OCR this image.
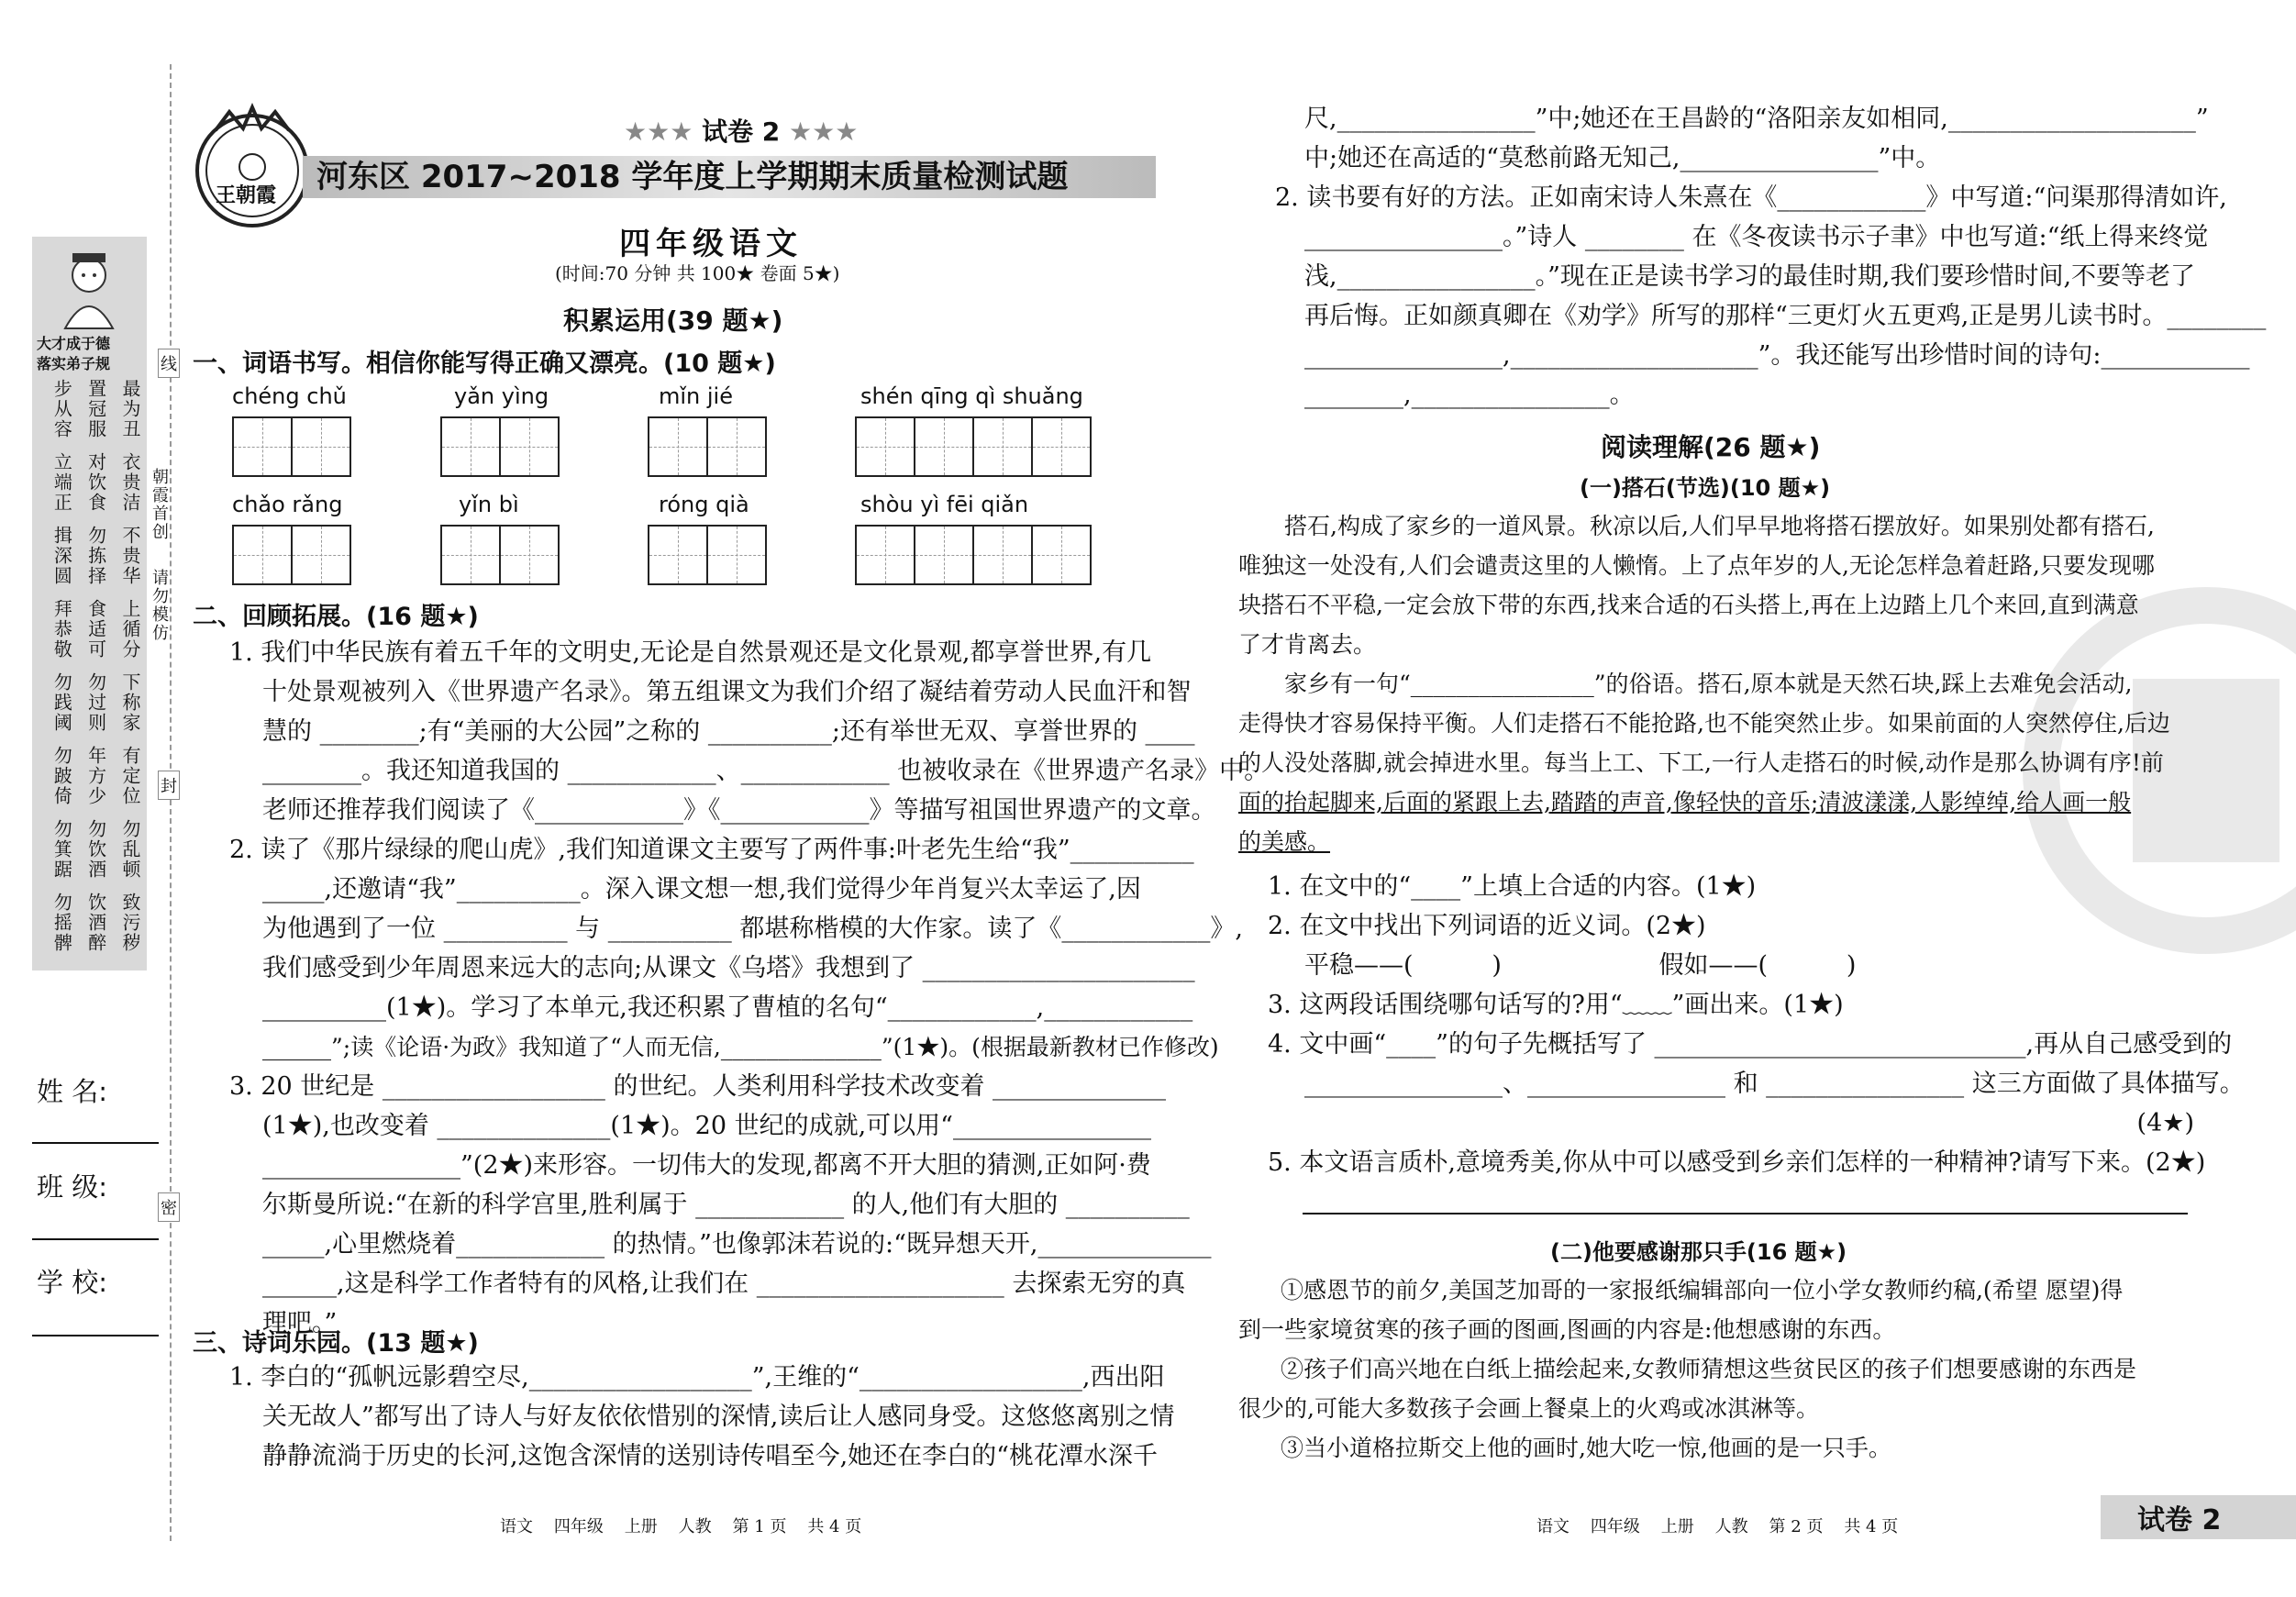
大才成于德
落实弟子规
步从容 置冠服 最为丑
立端正 对饮食 衣贵洁
揖深圆 勿拣择 不贵华
拜恭敬 食适可 上循分
勿践阈 勿过则 下称家
勿跛倚 年方少 有定位
勿箕踞 勿饮酒 勿乱顿
勿摇髀 饮酒醉 致污秽
朝霞首创
请勿模仿
线
封
密
姓 名:
班 级:
学 校:
王朝霞
★★★ 试卷 2 ★★★
河东区 2017~2018 学年度上学期期末质量检测试题
四年级语文
(时间:70 分钟 共 100★ 卷面 5★)
积累运用(39 题★)
一、词语书写。相信你能写得正确又漂亮。(10 题★)
chéng chǔ	yǎn yìng	mǐn jié	shén qīng qì shuǎng
chǎo rǎng	yǐn bì	róng qià	shòu yì fēi qiǎn
二、回顾拓展。(16 题★)
1. 我们中华民族有着五千年的文明史,无论是自然景观还是文化景观,都享誉世界,有几
十处景观被列入《世界遗产名录》。第五组课文为我们介绍了凝结着劳动人民血汗和智
慧的 ________;有“美丽的大公园”之称的 __________;还有举世无双、享誉世界的 ____
________。我还知道我国的 ____________、____________ 也被收录在《世界遗产名录》中。
老师还推荐我们阅读了《____________》《____________》等描写祖国世界遗产的文章。
2. 读了《那片绿绿的爬山虎》,我们知道课文主要写了两件事:叶老先生给“我”__________
_____,还邀请“我”__________。深入课文想一想,我们觉得少年肖复兴太幸运了,因
为他遇到了一位 __________ 与 __________ 都堪称楷模的大作家。读了《____________》,
我们感受到少年周恩来远大的志向;从课文《乌塔》我想到了 ______________________
__________(1★)。学习了本单元,我还积累了曹植的名句“____________,____________
______”;读《论语·为政》我知道了“人而无信,______________”(1★)。(根据最新教材已作修改)
3. 20 世纪是 __________________ 的世纪。人类利用科学技术改变着 ______________
(1★),也改变着 ______________(1★)。20 世纪的成就,可以用“________________
________________”(2★)来形容。一切伟大的发现,都离不开大胆的猜测,正如阿·费
尔斯曼所说:“在新的科学宫里,胜利属于 ____________ 的人,他们有大胆的 __________
_____,心里燃烧着____________ 的热情。”也像郭沫若说的:“既异想天开,______________
______,这是科学工作者特有的风格,让我们在 ____________________ 去探索无穷的真
理吧。”
三、诗词乐园。(13 题★)
1. 李白的“孤帆远影碧空尽,__________________”,王维的“__________________,西出阳
关无故人”都写出了诗人与好友依依惜别的深情,读后让人感同身受。这悠悠离别之情
静静流淌于历史的长河,这饱含深情的送别诗传唱至今,她还在李白的“桃花潭水深千
语文    四年级    上册    人教    第 1 页    共 4 页
尺,________________”中;她还在王昌龄的“洛阳亲友如相同,____________________”
中;她还在高适的“莫愁前路无知己,________________”中。
2. 读书要有好的方法。正如南宋诗人朱熹在《____________》中写道:“问渠那得清如许,
________________。”诗人 ________ 在《冬夜读书示子聿》中也写道:“纸上得来终觉
浅,________________。”现在正是读书学习的最佳时期,我们要珍惜时间,不要等老了
再后悔。正如颜真卿在《劝学》所写的那样“三更灯火五更鸡,正是男儿读书时。________
________________,____________________”。我还能写出珍惜时间的诗句:____________
________,________________。
阅读理解(26 题★)
(一)搭石(节选)(10 题★)
搭石,构成了家乡的一道风景。秋凉以后,人们早早地将搭石摆放好。如果别处都有搭石,
唯独这一处没有,人们会谴责这里的人懒惰。上了点年岁的人,无论怎样急着赶路,只要发现哪
块搭石不平稳,一定会放下带的东西,找来合适的石头搭上,再在上边踏上几个来回,直到满意
了才肯离去。
家乡有一句“________________”的俗语。搭石,原本就是天然石块,踩上去难免会活动,
走得快才容易保持平衡。人们走搭石不能抢路,也不能突然止步。如果前面的人突然停住,后边
的人没处落脚,就会掉进水里。每当上工、下工,一行人走搭石的时候,动作是那么协调有序!前
面的抬起脚来,后面的紧跟上去,踏踏的声音,像轻快的音乐;清波漾漾,人影绰绰,给人画一般
的美感。
1. 在文中的“____”上填上合适的内容。(1★)
2. 在文中找出下列词语的近义词。(2★)
平稳——(          )                    假如——(          )
3. 这两段话围绕哪句话写的?用“﹏﹏”画出来。(1★)
4. 文中画“____”的句子先概括写了 ______________________________,再从自己感受到的
________________、________________ 和 ________________ 这三方面做了具体描写。
(4★)
5. 本文语言质朴,意境秀美,你从中可以感受到乡亲们怎样的一种精神?请写下来。(2★)
(二)他要感谢那只手(16 题★)
①感恩节的前夕,美国芝加哥的一家报纸编辑部向一位小学女教师约稿,(希望 愿望)得
到一些家境贫寒的孩子画的图画,图画的内容是:他想感谢的东西。
②孩子们高兴地在白纸上描绘起来,女教师猜想这些贫民区的孩子们想要感谢的东西是
很少的,可能大多数孩子会画上餐桌上的火鸡或冰淇淋等。
③当小道格拉斯交上他的画时,她大吃一惊,他画的是一只手。
语文    四年级    上册    人教    第 2 页    共 4 页	试卷 2
